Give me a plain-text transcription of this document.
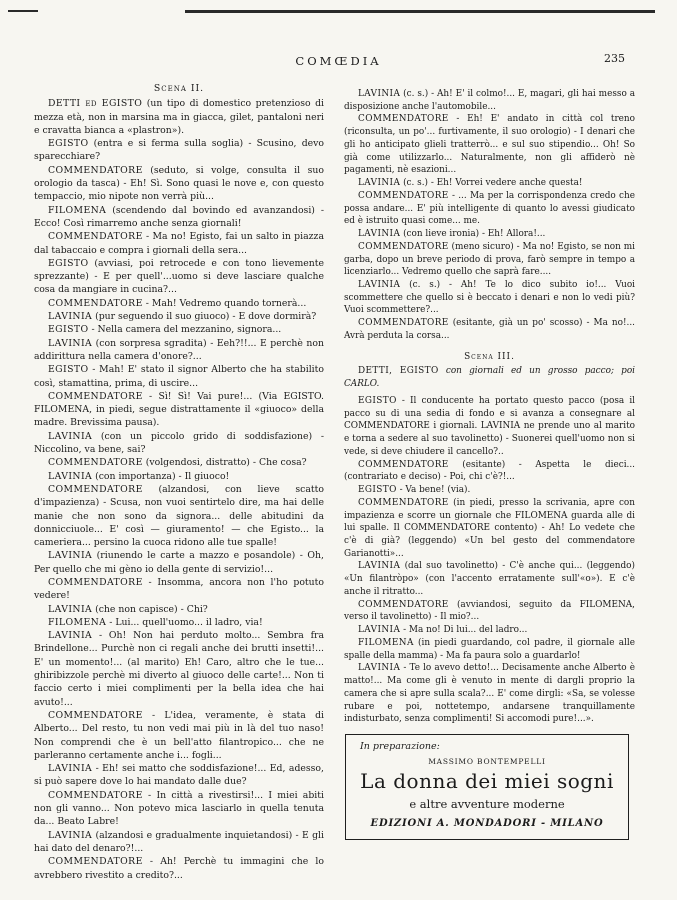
COMŒDIA	235

Scena II.

DETTI ed EGISTO (un tipo di domestico pretenzioso di mezza età, non in marsina ma in giacca, gilet, pantaloni neri e cravatta bianca a «plastron»).

EGISTO (entra e si ferma sulla soglia) - Scusino, devo sparecchiare?

COMMENDATORE (seduto, si volge, consulta il suo orologio da tasca) - Eh! Sì. Sono quasi le nove e, con questo tempaccio, mio nipote non verrà più...

FILOMENA (scendendo dal bovindo ed avanzandosi) - Ecco! Così rimarremo anche senza giornali!

COMMENDATORE - Ma no! Egisto, fai un salto in piazza dal tabaccaio e compra i giornali della sera...

EGISTO (avviasi, poi retrocede e con tono lievemente sprezzante) - E per quell'...uomo si deve lasciare qualche cosa da mangiare in cucina?...

COMMENDATORE - Mah! Vedremo quando tornerà...

LAVINIA (pur seguendo il suo giuoco) - E dove dormirà?

EGISTO - Nella camera del mezzanino, signora...

LAVINIA (con sorpresa sgradita) - Eeh?!!... E perchè non addirittura nella camera d'onore?...

EGISTO - Mah! E' stato il signor Alberto che ha stabilito così, stamattina, prima, di uscire...

COMMENDATORE - Sì! Sì! Vai pure!... (Via EGISTO. FILOMENA, in piedi, segue distrattamente il «giuoco» della madre. Brevissima pausa).

LAVINIA (con un piccolo grido di soddisfazione) - Niccolino, va bene, sai?

COMMENDATORE (volgendosi, distratto) - Che cosa?

LAVINIA (con importanza) - Il giuoco!

COMMENDATORE (alzandosi, con lieve scatto d'impazienza) - Scusa, non vuoi sentirtelo dire, ma hai delle manie che non sono da signora... delle abitudini da donnicciuole... E' così — giuramento! — che Egisto... la cameriera... persino la cuoca ridono alle tue spalle!

LAVINIA (riunendo le carte a mazzo e posandole) - Oh, Per quello che mi gèno io della gente di servizio!...

COMMENDATORE - Insomma, ancora non l'ho potuto vedere!

LAVINIA (che non capisce) - Chi?

FILOMENA - Lui... quell'uomo... il ladro, via!

LAVINIA - Oh! Non hai perduto molto... Sembra fra Brindellone... Purchè non ci regali anche dei brutti insetti!... E' un momento!... (al marito) Eh! Caro, altro che le tue... ghiribizzole perchè mi diverto al giuoco delle carte!... Non ti faccio certo i miei complimenti per la bella idea che hai avuto!...

COMMENDATORE - L'idea, veramente, è stata di Alberto... Del resto, tu non vedi mai più in là del tuo naso! Non comprendi che è un bell'atto filantropico... che ne parleranno certamente anche i... fogli...

LAVINIA - Eh! sei matto che soddisfazione!... Ed, adesso, si può sapere dove lo hai mandato dalle due?

COMMENDATORE - In città a rivestirsi!... I miei abiti non gli vanno... Non potevo mica lasciarlo in quella tenuta da... Beato Labre!

LAVINIA (alzandosi e gradualmente inquietandosi) - E gli hai dato del denaro?!...

COMMENDATORE - Ah! Perchè tu immagini che lo avrebbero rivestito a credito?...

LAVINIA (c. s.) - Ah! E' il colmo!... E, magari, gli hai messo a disposizione anche l'automobile...

COMMENDATORE - Eh! E' andato in città col treno (riconsulta, un po'... furtivamente, il suo orologio) - I denari che gli ho anticipato glieli tratterrò... e sul suo stipendio... Oh! So già come utilizzarlo... Naturalmente, non gli affiderò nè pagamenti, nè esazioni...

LAVINIA (c. s.) - Eh! Vorrei vedere anche questa!

COMMENDATORE - ... Ma per la corrispondenza credo che possa andare... E' più intelligente di quanto lo avessi giudicato ed è istruito quasi come... me.

LAVINIA (con lieve ironia) - Eh! Allora!...

COMMENDATORE (meno sicuro) - Ma no! Egisto, se non mi garba, dopo un breve periodo di prova, farò sempre in tempo a licenziarlo... Vedremo quello che saprà fare....

LAVINIA (c. s.) - Ah! Te lo dico subito io!... Vuoi scommettere che quello si è beccato i denari e non lo vedi più? Vuoi scommettere?...

COMMENDATORE (esitante, già un po' scosso) - Ma no!... Avrà perduta la corsa...

Scena III.

DETTI, EGISTO con giornali ed un grosso pacco; poi CARLO.

EGISTO - Il conducente ha portato questo pacco (posa il pacco su di una sedia di fondo e si avanza a consegnare al COMMENDATORE i giornali. LAVINIA ne prende uno al marito e torna a sedere al suo tavolinetto) - Suonerei quell'uomo non si vede, si deve chiudere il cancello?..

COMMENDATORE (esitante) - Aspetta le dieci... (contrariato e deciso) - Poi, chi c'è?!...

EGISTO - Va bene! (via).

COMMENDATORE (in piedi, presso la scrivania, apre con impazienza e scorre un giornale che FILOMENA guarda alle di lui spalle. Il COMMENDATORE contento) - Ah! Lo vedete che c'è di già? (leggendo) «Un bel gesto del commendatore Garianotti»...

LAVINIA (dal suo tavolinetto) - C'è anche qui... (leggendo) «Un filantròpo» (con l'accento erratamente sull'«o»). E c'è anche il ritratto...

COMMENDATORE (avviandosi, seguito da FILOMENA, verso il tavolinetto) - Il mio?...

LAVINIA - Ma no! Di lui... del ladro...

FILOMENA (in piedi guardando, col padre, il giornale alle spalle della mamma) - Ma fa paura solo a guardarlo!

LAVINIA - Te lo avevo detto!... Decisamente anche Alberto è matto!... Ma come gli è venuto in mente di dargli proprio la camera che si apre sulla scala?... E' come dirgli: «Sa, se volesse rubare e poi, nottetempo, andarsene tranquillamente indisturbato, senza complimenti! Si accomodi pure!...».

In preparazione:
MASSIMO BONTEMPELLI
La donna dei miei sogni
e altre avventure moderne
EDIZIONI A. MONDADORI - MILANO
